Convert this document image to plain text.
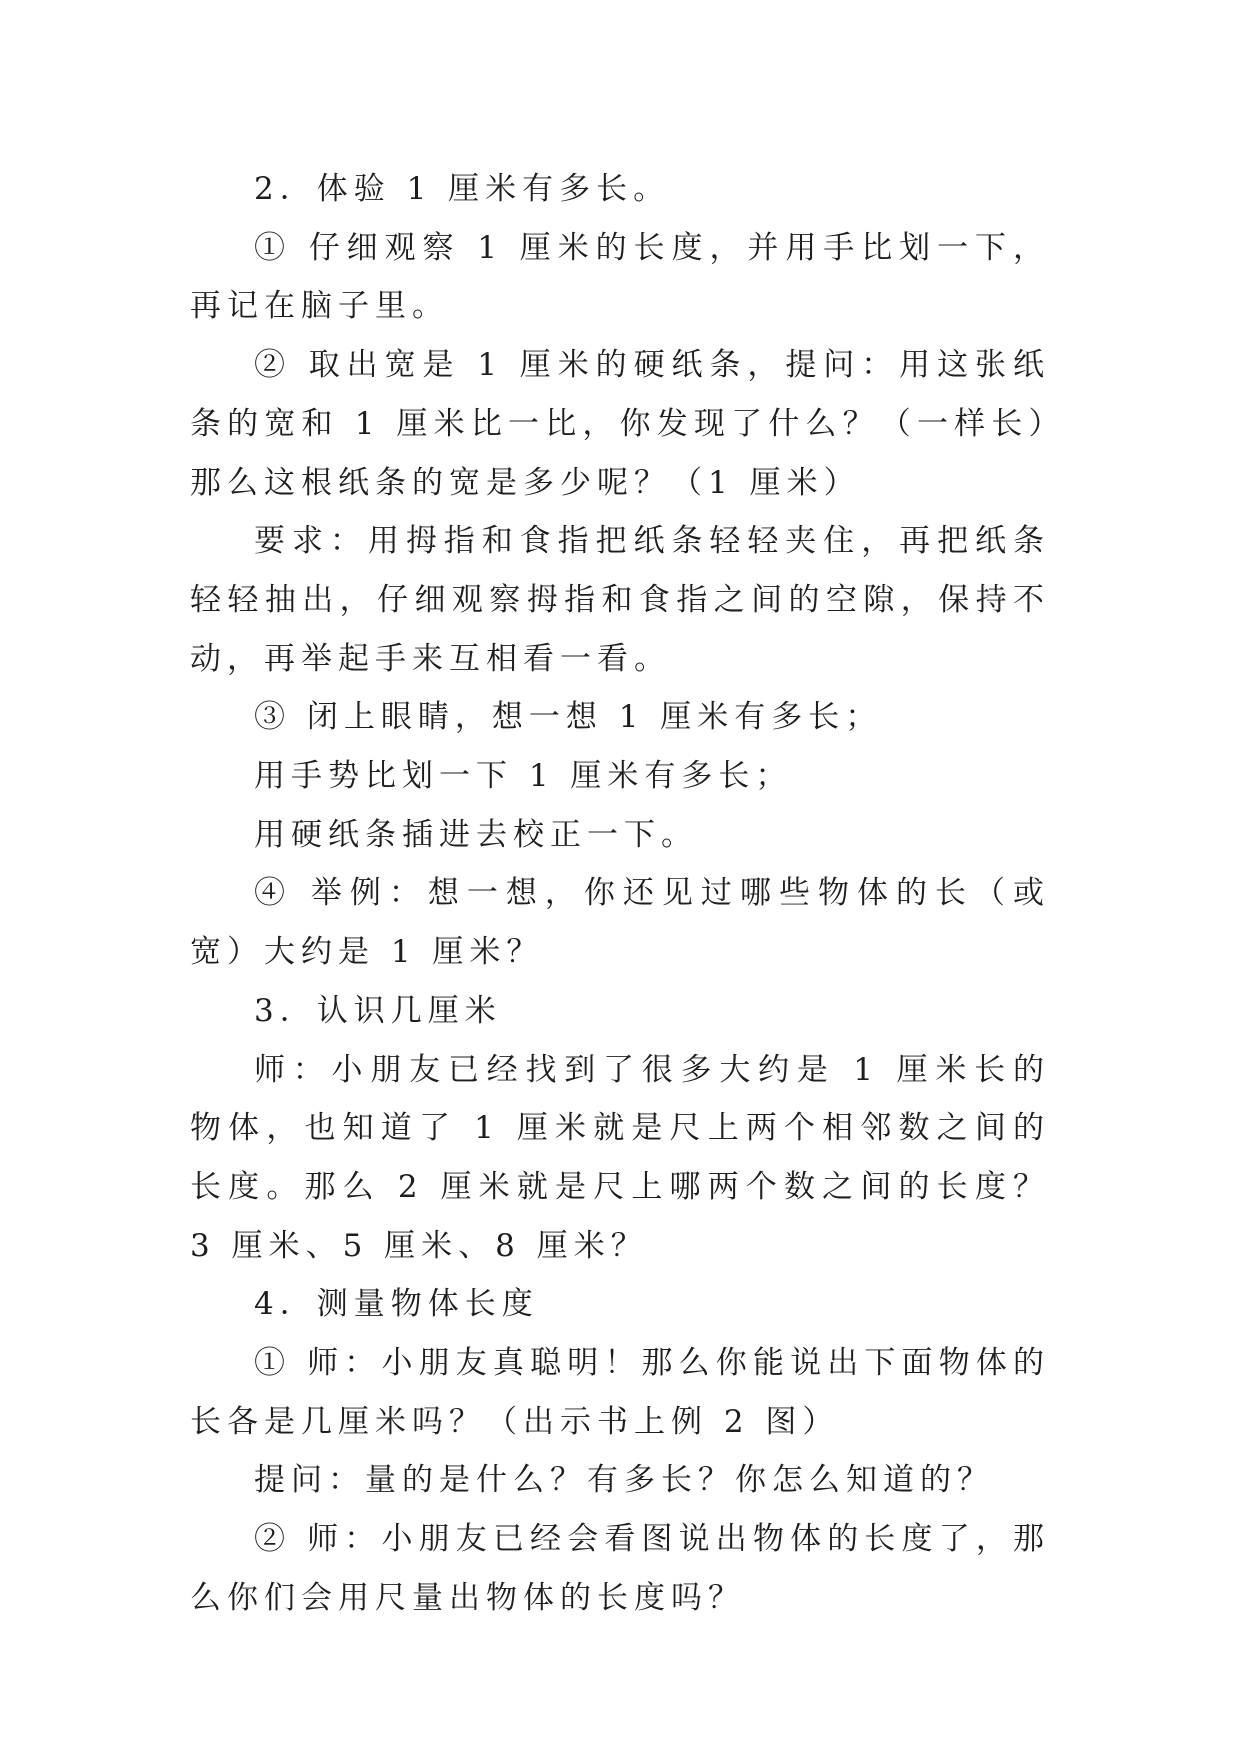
2．体验 1 厘米有多长。

① 仔细观察 1 厘米的长度，并用手比划一下，再记在脑子里。

② 取出宽是 1 厘米的硬纸条，提问：用这张纸条的宽和 1 厘米比一比，你发现了什么？（一样长）那么这根纸条的宽是多少呢？（1 厘米）

要求：用拇指和食指把纸条轻轻夹住，再把纸条轻轻抽出，仔细观察拇指和食指之间的空隙，保持不动，再举起手来互相看一看。

③ 闭上眼睛，想一想 1 厘米有多长；

用手势比划一下 1 厘米有多长；

用硬纸条插进去校正一下。

④ 举例：想一想，你还见过哪些物体的长（或宽）大约是 1 厘米？

3．认识几厘米

师：小朋友已经找到了很多大约是 1 厘米长的物体，也知道了 1 厘米就是尺上两个相邻数之间的长度。那么 2 厘米就是尺上哪两个数之间的长度？3 厘米、5 厘米、8 厘米？

4．测量物体长度

① 师：小朋友真聪明！那么你能说出下面物体的长各是几厘米吗？（出示书上例 2 图）

提问：量的是什么？有多长？你怎么知道的？

② 师：小朋友已经会看图说出物体的长度了，那么你们会用尺量出物体的长度吗？
